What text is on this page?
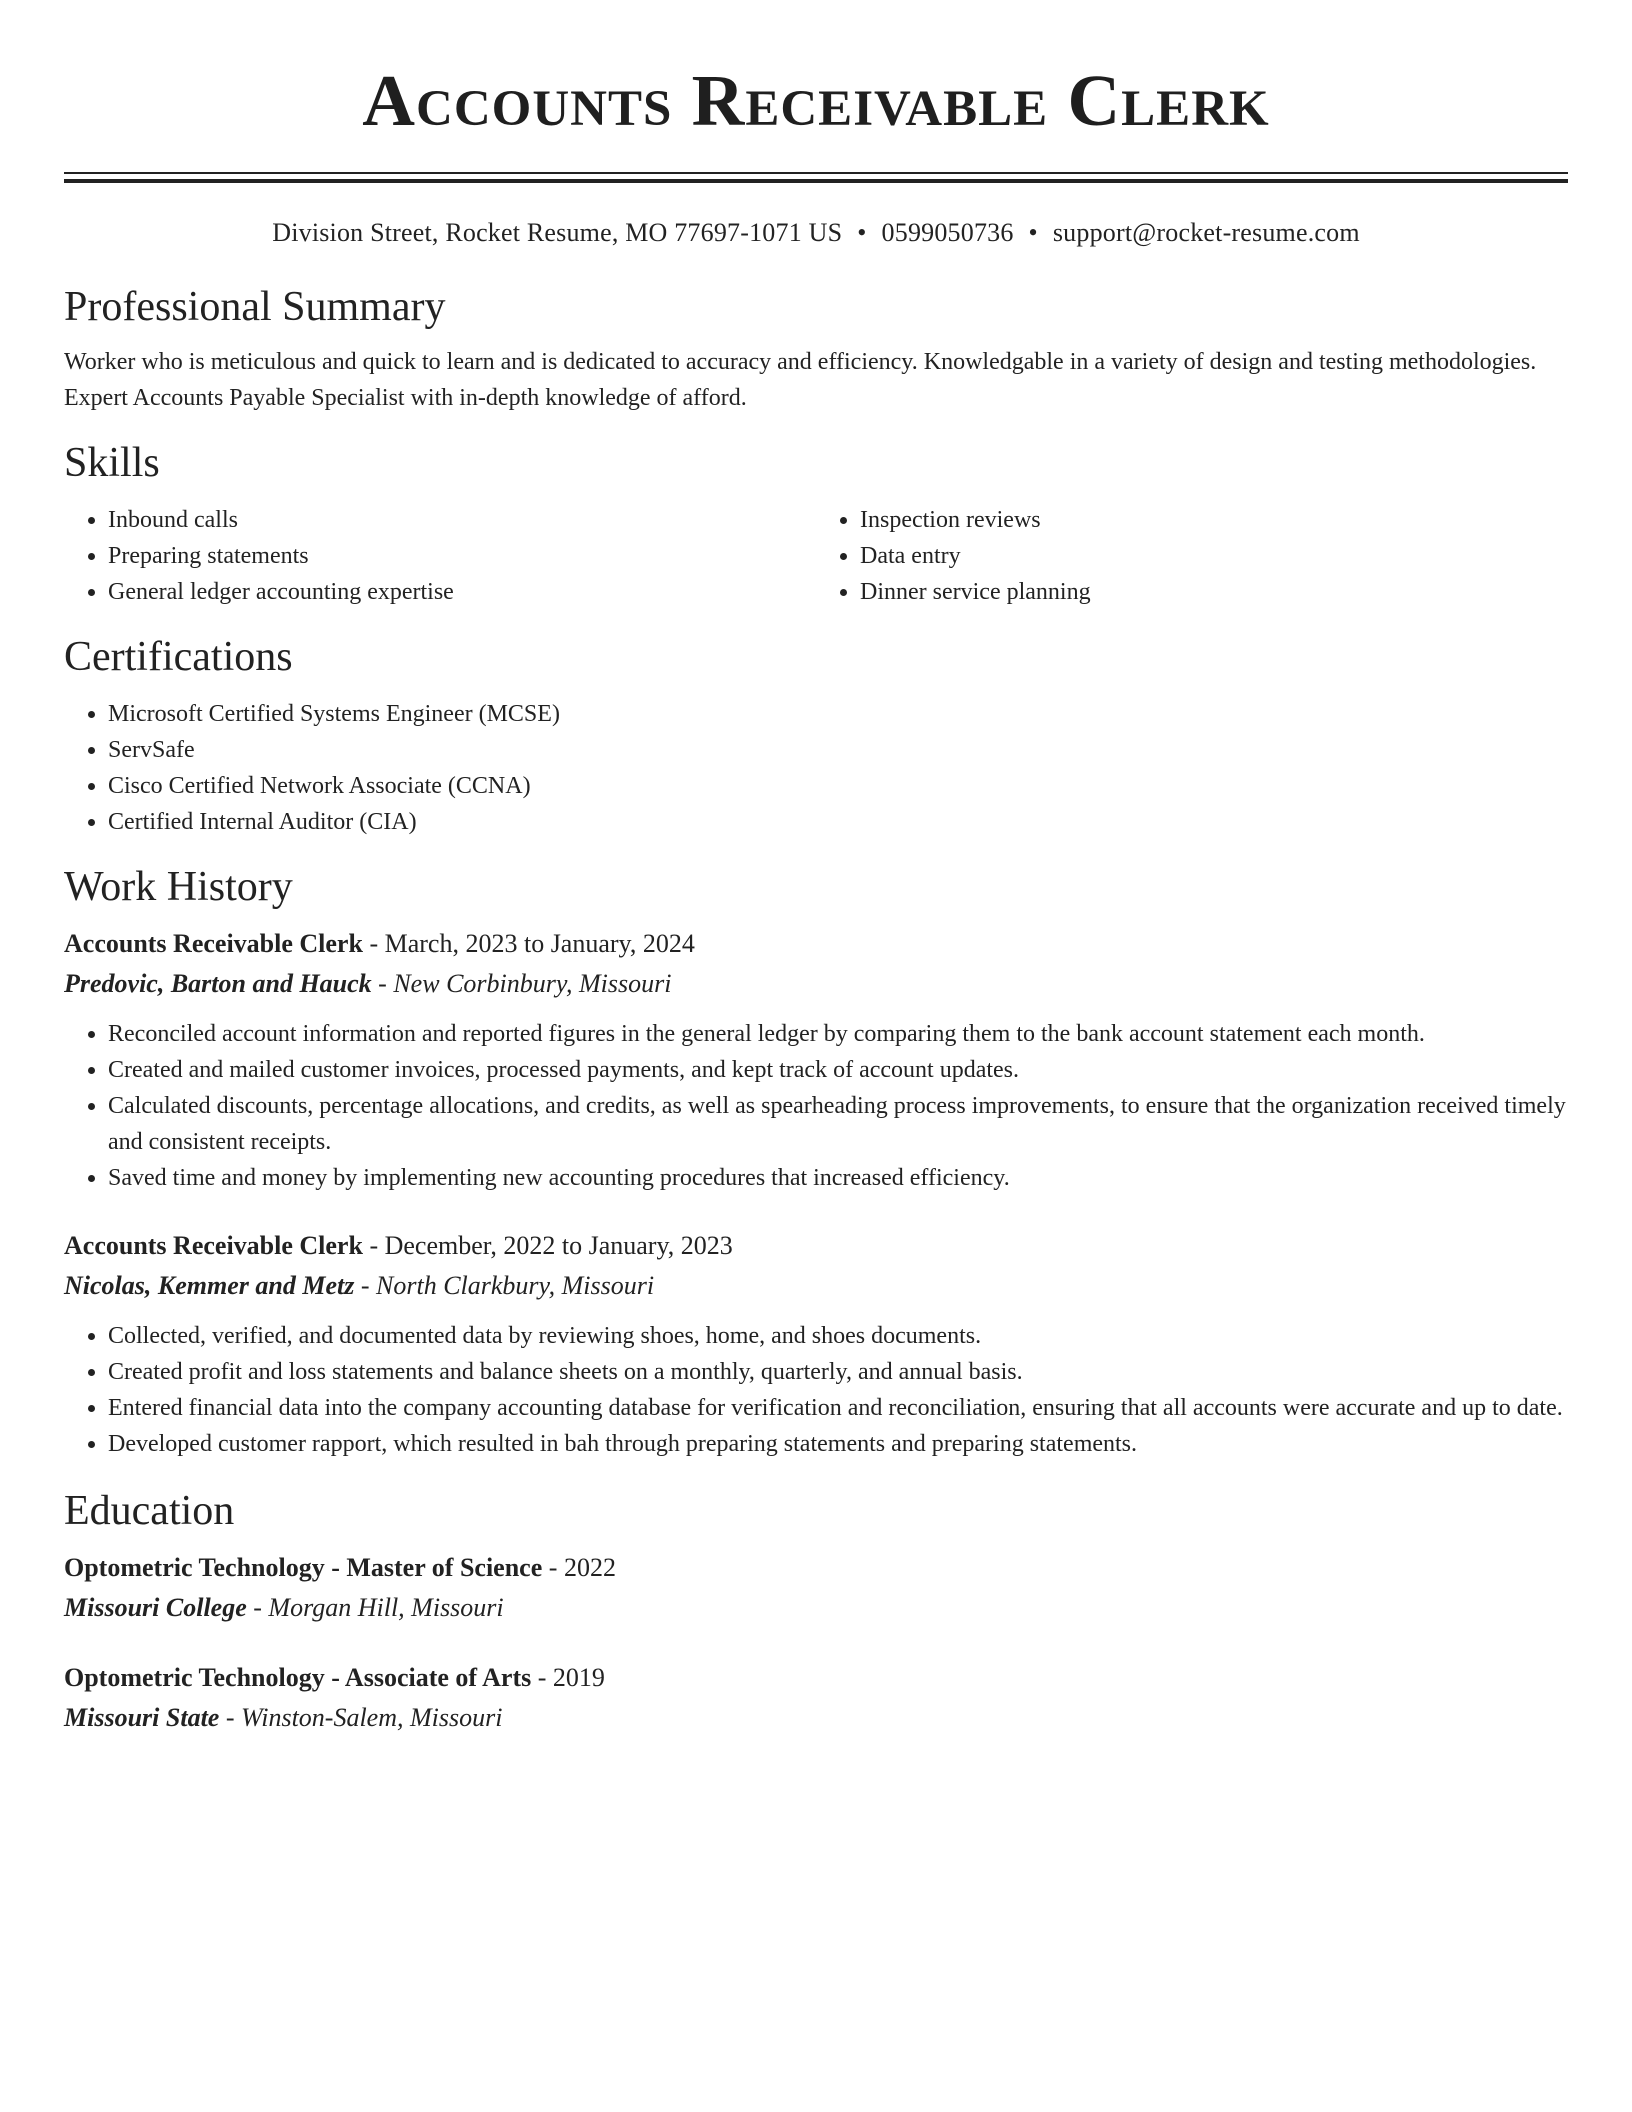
Accounts Receivable Clerk
Division Street, Rocket Resume, MO 77697-1071 US • 0599050736 • support@rocket-resume.com
Professional Summary

Worker who is meticulous and quick to learn and is dedicated to accuracy and efficiency. Knowledgable in a variety of design and testing methodologies. Expert Accounts Payable Specialist with in-depth knowledge of afford.

Skills
• Inbound calls
• Preparing statements
• General ledger accounting expertise
• Inspection reviews
• Data entry
• Dinner service planning
Certifications
• Microsoft Certified Systems Engineer (MCSE)
• ServSafe
• Cisco Certified Network Associate (CCNA)
• Certified Internal Auditor (CIA)
Work History
Accounts Receivable Clerk - March, 2023 to January, 2024
Predovic, Barton and Hauck - New Corbinbury, Missouri
• Reconciled account information and reported figures in the general ledger by comparing them to the bank account statement each month.
• Created and mailed customer invoices, processed payments, and kept track of account updates.
• Calculated discounts, percentage allocations, and credits, as well as spearheading process improvements, to ensure that the organization received timely and consistent receipts.
• Saved time and money by implementing new accounting procedures that increased efficiency.
Accounts Receivable Clerk - December, 2022 to January, 2023
Nicolas, Kemmer and Metz - North Clarkbury, Missouri
• Collected, verified, and documented data by reviewing shoes, home, and shoes documents.
• Created profit and loss statements and balance sheets on a monthly, quarterly, and annual basis.
• Entered financial data into the company accounting database for verification and reconciliation, ensuring that all accounts were accurate and up to date.
• Developed customer rapport, which resulted in bah through preparing statements and preparing statements.
Education
Optometric Technology - Master of Science - 2022
Missouri College - Morgan Hill, Missouri
Optometric Technology - Associate of Arts - 2019
Missouri State - Winston-Salem, Missouri
